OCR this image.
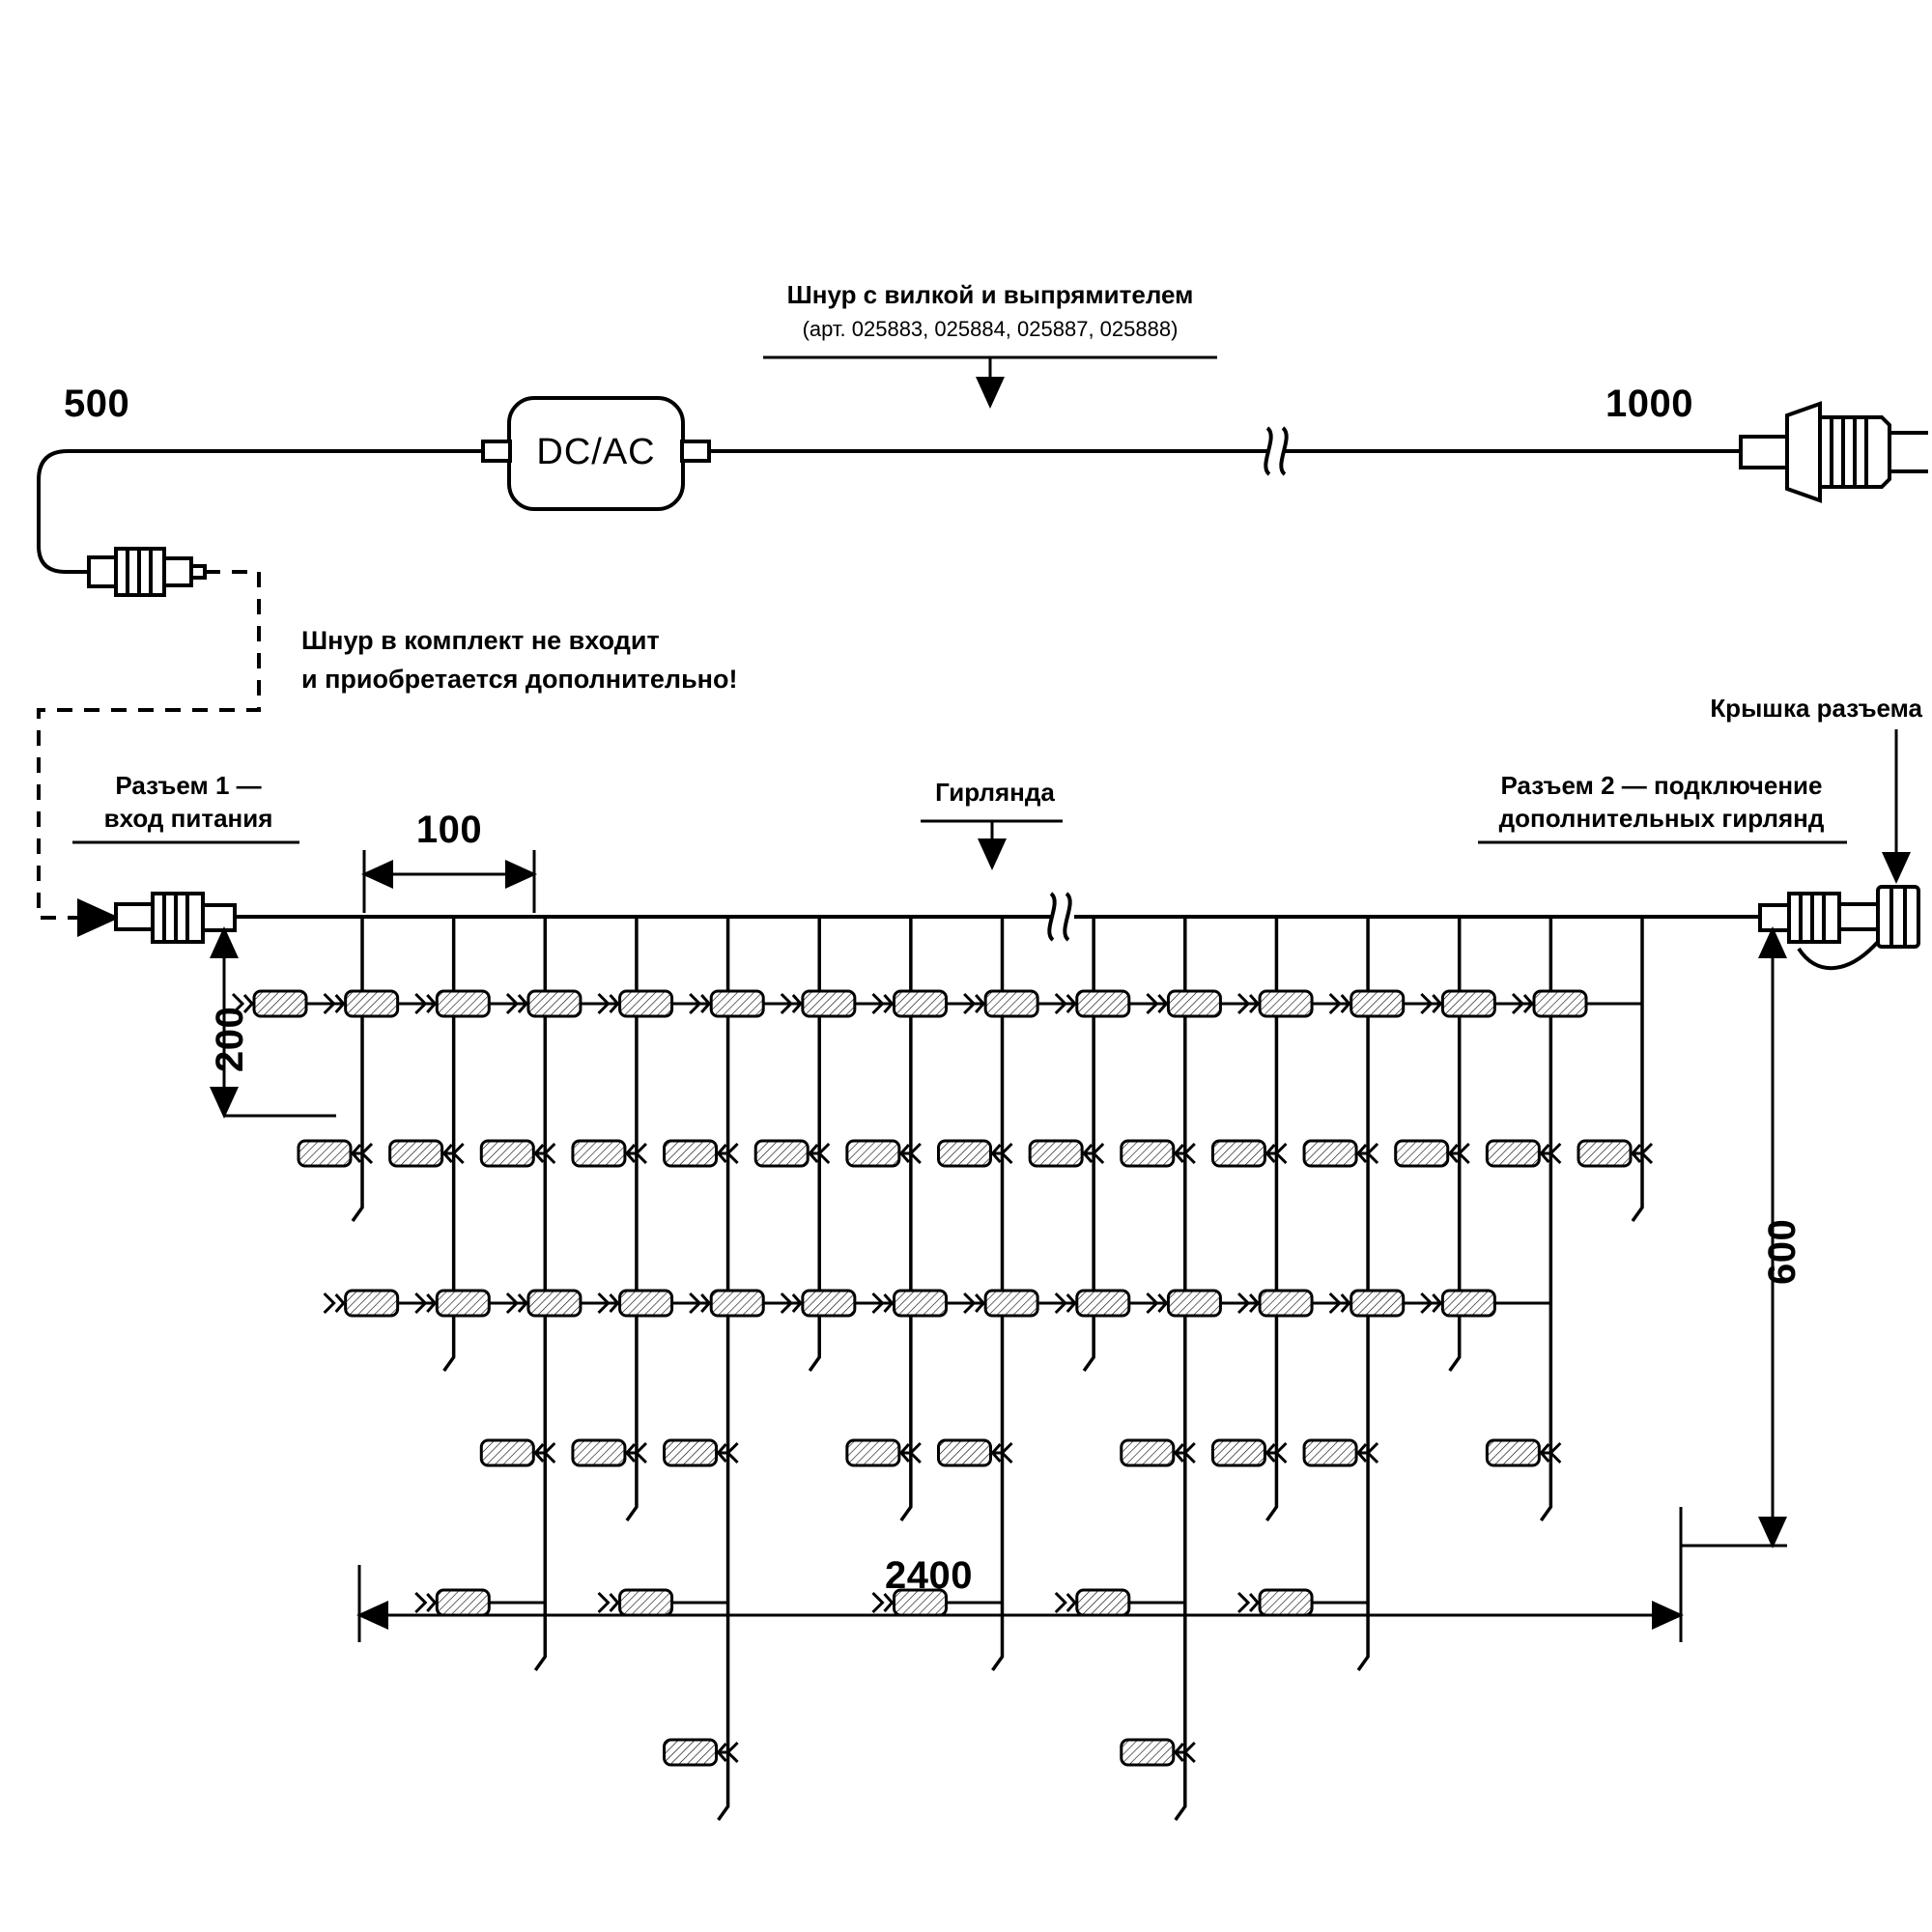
Шнур с вилкой и выпрямителем
(арт. 025883, 025884, 025887, 025888)
500	1000
DC/AC
Шнур в комплект не входит
и приобретается дополнительно!
Разъем 1 —
вход питания
Разъем 2 — подключение
дополнительных гирлянд
Крышка разъема
Гирлянда
100
200
600
2400
